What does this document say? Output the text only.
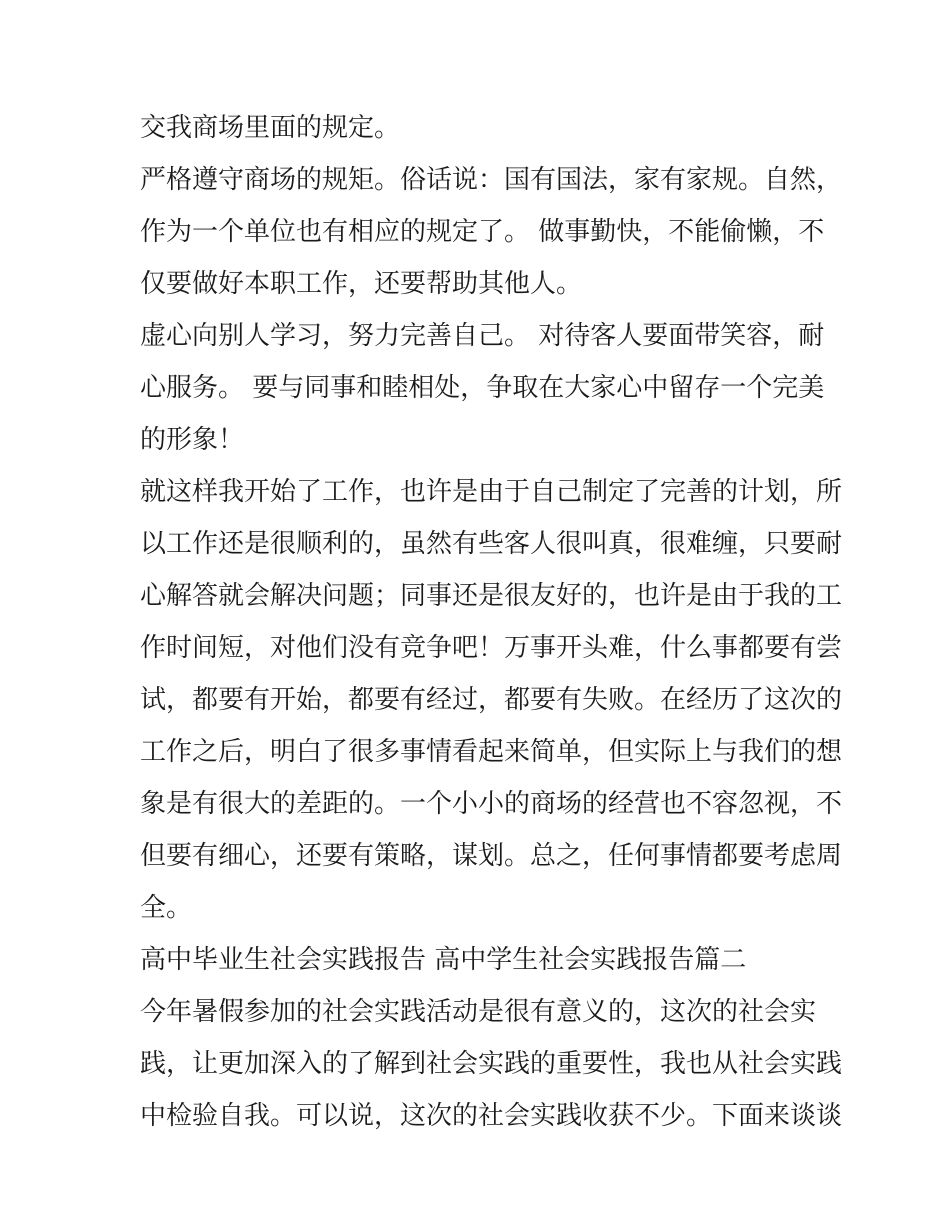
交我商场里面的规定。
严格遵守商场的规矩。俗话说：国有国法，家有家规。自然，
作为一个单位也有相应的规定了。 做事勤快，不能偷懒，不
仅要做好本职工作，还要帮助其他人。
虚心向别人学习，努力完善自己。 对待客人要面带笑容，耐
心服务。 要与同事和睦相处，争取在大家心中留存一个完美
的形象！
就这样我开始了工作，也许是由于自己制定了完善的计划，所
以工作还是很顺利的，虽然有些客人很叫真，很难缠，只要耐
心解答就会解决问题；同事还是很友好的，也许是由于我的工
作时间短，对他们没有竞争吧！万事开头难，什么事都要有尝
试，都要有开始，都要有经过，都要有失败。在经历了这次的
工作之后，明白了很多事情看起来简单，但实际上与我们的想
象是有很大的差距的。一个小小的商场的经营也不容忽视，不
但要有细心，还要有策略，谋划。总之，任何事情都要考虑周
全。
高中毕业生社会实践报告 高中学生社会实践报告篇二
今年暑假参加的社会实践活动是很有意义的，这次的社会实
践，让更加深入的了解到社会实践的重要性，我也从社会实践
中检验自我。可以说，这次的社会实践收获不少。下面来谈谈
